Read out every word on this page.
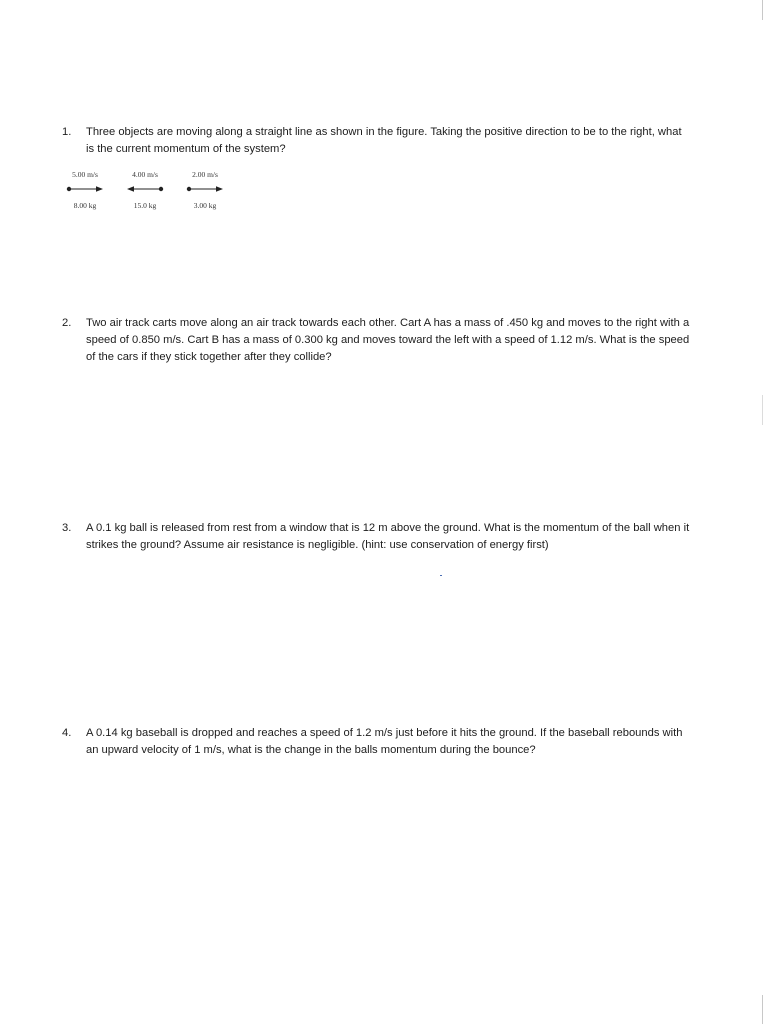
1. Three objects are moving along a straight line as shown in the figure. Taking the positive direction to be to the right, what is the current momentum of the system?
5.00 m/s
8.00 kg
4.00 m/s
15.0 kg
2.00 m/s
3.00 kg
2. Two air track carts move along an air track towards each other. Cart A has a mass of .450 kg and moves to the right with a speed of 0.850 m/s. Cart B has a mass of 0.300 kg and moves toward the left with a speed of 1.12 m/s. What is the speed of the cars if they stick together after they collide?
3. A 0.1 kg ball is released from rest from a window that is 12 m above the ground. What is the momentum of the ball when it strikes the ground? Assume air resistance is negligible. (hint: use conservation of energy first)
4. A 0.14 kg baseball is dropped and reaches a speed of 1.2 m/s just before it hits the ground. If the baseball rebounds with an upward velocity of 1 m/s, what is the change in the balls momentum during the bounce?
